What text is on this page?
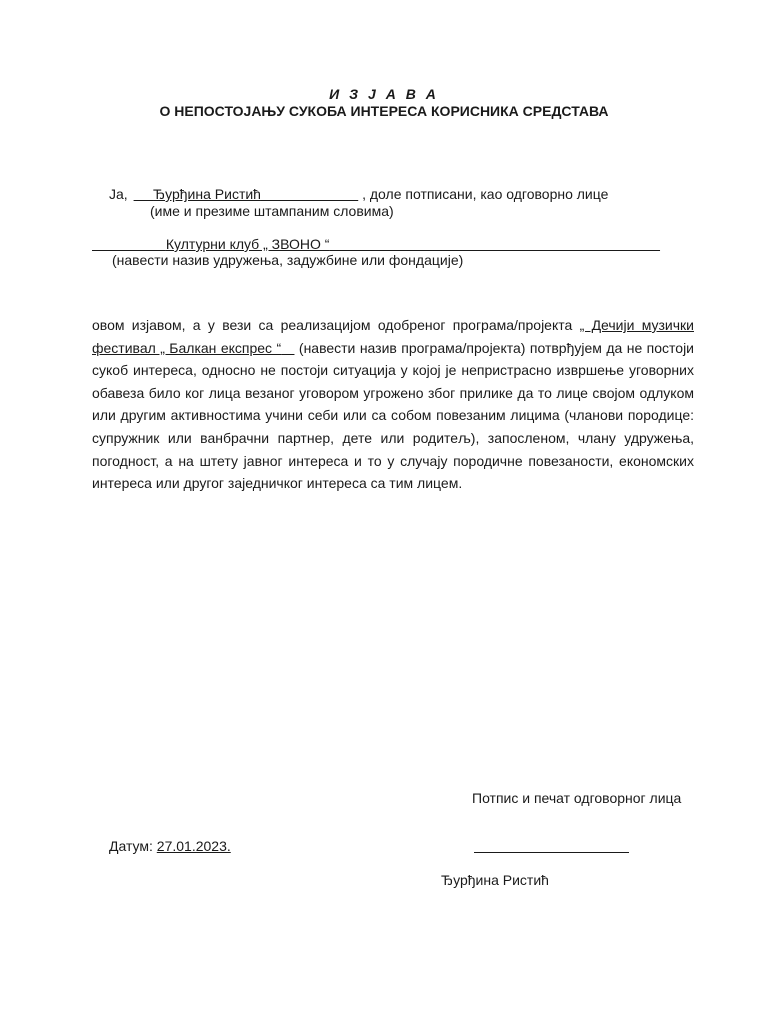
И З Ј А В А
О НЕПОСТОЈАЊУ СУКОБА ИНТЕРЕСА КОРИСНИКА СРЕДСТАВА
Ја, Ђурђина Ристић	, доле потписани, као одговорно лице
(име и презиме штампаним словима)
Културни клуб „ ЗВОНО “
(навести назив удружења, задужбине или фондације)
овом изјавом, а у вези са реализацијом одобреног програма/пројекта „ Дечији музички фестивал „ Балкан експрес “    (навести назив програма/пројекта) потврђујем да не постоји сукоб интереса, односно не постоји ситуација у којој је непристрасно извршење уговорних обавеза било ког лица везаног уговором угрожено због прилике да то лице својом одлуком или другим активностима учини себи или са собом повезаним лицима (чланови породице: супружник или ванбрачни партнер, дете или родитељ), запосленом, члану удружења, погодност, а на штету јавног интереса и то у случају породичне повезаности, економских интереса или другог заједничког интереса са тим лицем.
Потпис и печат одговорног лица
Датум: 27.01.2023.
Ђурђина Ристић
